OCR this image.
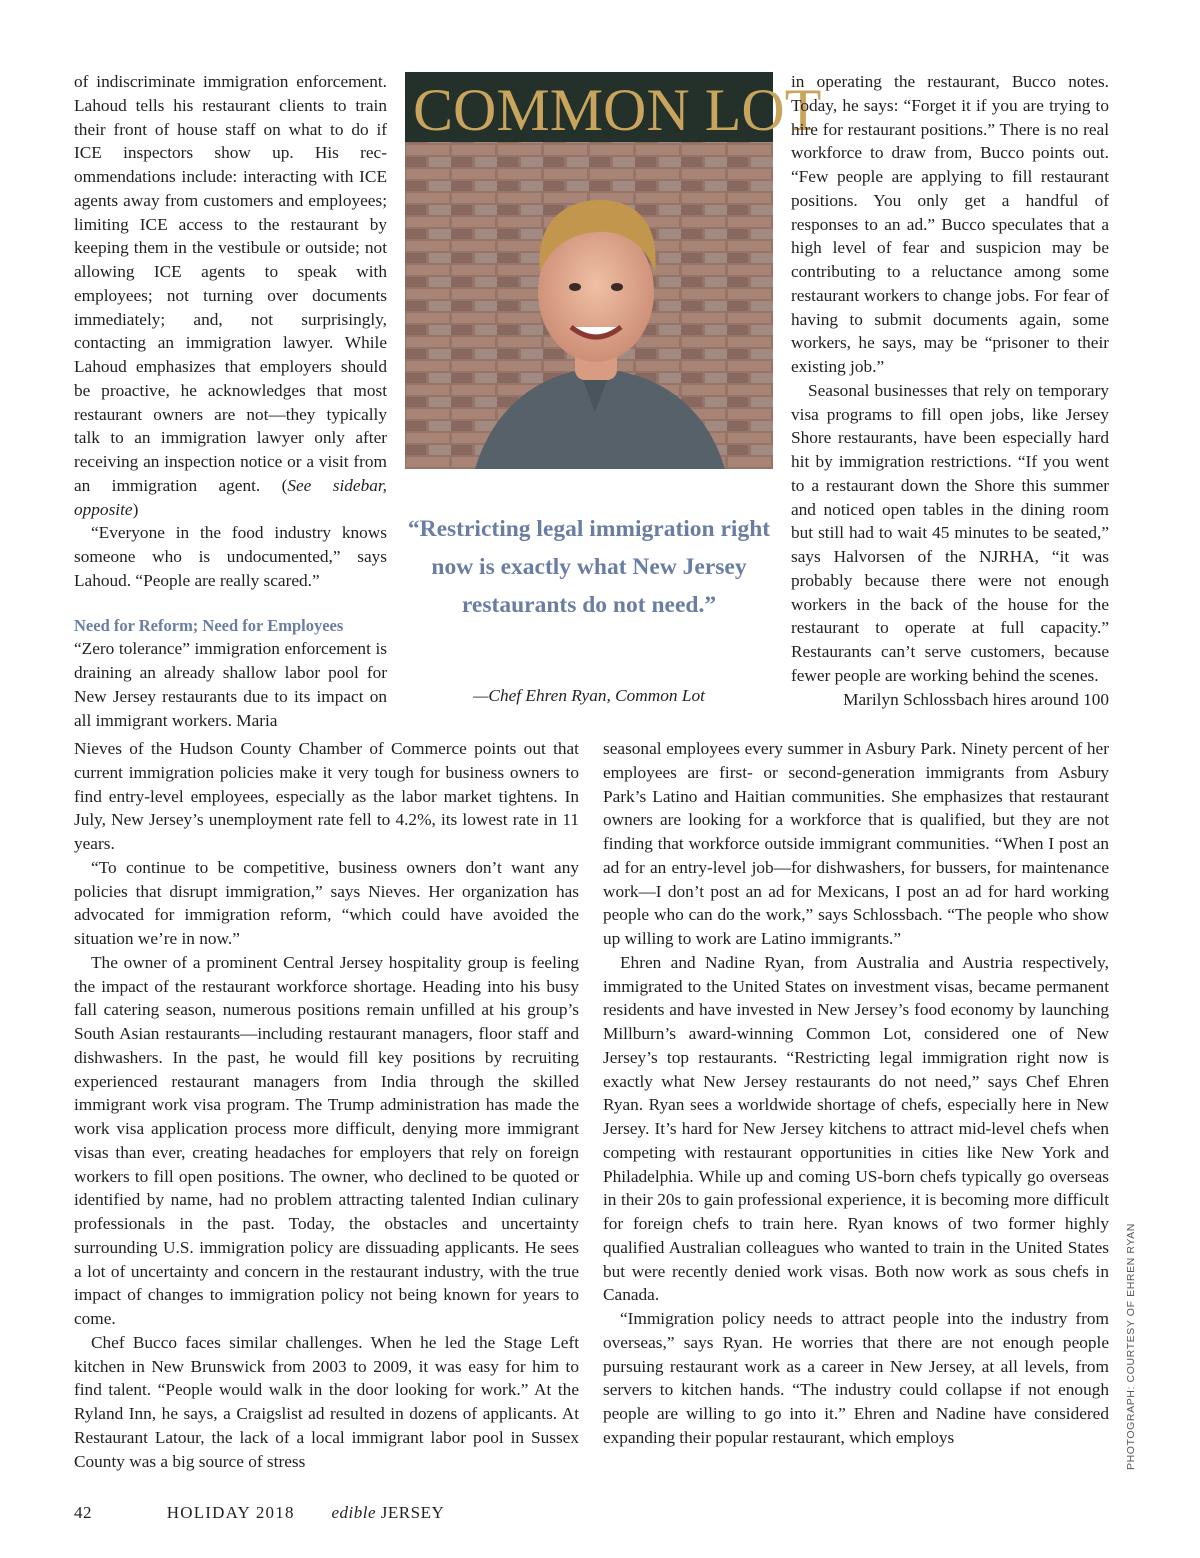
of indiscriminate immigration enforcement. Lahoud tells his restaurant clients to train their front of house staff on what to do if ICE inspectors show up. His recommendations include: interacting with ICE agents away from customers and employees; limiting ICE access to the restaurant by keeping them in the vestibule or outside; not allowing ICE agents to speak with employees; not turning over documents immediately; and, not surprisingly, contacting an immigration lawyer. While Lahoud emphasizes that employers should be proactive, he acknowledges that most restaurant owners are not—they typically talk to an immigration lawyer only after receiving an inspection notice or a visit from an immigration agent. (See sidebar, opposite)

“Everyone in the food industry knows someone who is undocumented,” says Lahoud. “People are really scared.”

Need for Reform; Need for Employees

“Zero tolerance” immigration enforcement is draining an already shallow labor pool for New Jersey restaurants due to its impact on all immigrant workers. Maria

COMMON LOT
“Restricting legal immigration right now is exactly what New Jersey restaurants do not need.”
—Chef Ehren Ryan, Common Lot

in operating the restaurant, Bucco notes. Today, he says: “Forget it if you are trying to hire for restaurant positions.” There is no real workforce to draw from, Bucco points out. “Few people are applying to fill restaurant positions. You only get a handful of responses to an ad.” Bucco speculates that a high level of fear and suspicion may be contributing to a reluctance among some restaurant workers to change jobs. For fear of having to submit documents again, some workers, he says, may be “prisoner to their existing job.”

Seasonal businesses that rely on temporary visa programs to fill open jobs, like Jersey Shore restaurants, have been especially hard hit by immigration restrictions. “If you went to a restaurant down the Shore this summer and noticed open tables in the dining room but still had to wait 45 minutes to be seated,” says Halvorsen of the NJRHA, “it was probably because there were not enough workers in the back of the house for the restaurant to operate at full capacity.” Restaurants can’t serve customers, because fewer people are working behind the scenes.

Marilyn Schlossbach hires around 100

Nieves of the Hudson County Chamber of Commerce points out that current immigration policies make it very tough for business owners to find entry-level employees, especially as the labor market tightens. In July, New Jersey’s unemployment rate fell to 4.2%, its lowest rate in 11 years.

“To continue to be competitive, business owners don’t want any policies that disrupt immigration,” says Nieves. Her organization has advocated for immigration reform, “which could have avoided the situation we’re in now.”

The owner of a prominent Central Jersey hospitality group is feeling the impact of the restaurant workforce shortage. Heading into his busy fall catering season, numerous positions remain unfilled at his group’s South Asian restaurants—including restaurant managers, floor staff and dishwashers. In the past, he would fill key positions by recruiting experienced restaurant managers from India through the skilled immigrant work visa program. The Trump administration has made the work visa application process more difficult, denying more immigrant visas than ever, creating headaches for employers that rely on foreign workers to fill open positions. The owner, who declined to be quoted or identified by name, had no problem attracting talented Indian culinary professionals in the past. Today, the obstacles and uncertainty surrounding U.S. immigration policy are dissuading applicants. He sees a lot of uncertainty and concern in the restaurant industry, with the true impact of changes to immigration policy not being known for years to come.

Chef Bucco faces similar challenges. When he led the Stage Left kitchen in New Brunswick from 2003 to 2009, it was easy for him to find talent. “People would walk in the door looking for work.” At the Ryland Inn, he says, a Craigslist ad resulted in dozens of applicants. At Restaurant Latour, the lack of a local immigrant labor pool in Sussex County was a big source of stress

seasonal employees every summer in Asbury Park. Ninety percent of her employees are first- or second-generation immigrants from Asbury Park’s Latino and Haitian communities. She emphasizes that restaurant owners are looking for a workforce that is qualified, but they are not finding that workforce outside immigrant communities. “When I post an ad for an entry-level job—for dishwashers, for bussers, for maintenance work—I don’t post an ad for Mexicans, I post an ad for hard working people who can do the work,” says Schlossbach. “The people who show up willing to work are Latino immigrants.”

Ehren and Nadine Ryan, from Australia and Austria respectively, immigrated to the United States on investment visas, became permanent residents and have invested in New Jersey’s food economy by launching Millburn’s award-winning Common Lot, considered one of New Jersey’s top restaurants. “Restricting legal immigration right now is exactly what New Jersey restaurants do not need,” says Chef Ehren Ryan. Ryan sees a worldwide shortage of chefs, especially here in New Jersey. It’s hard for New Jersey kitchens to attract mid-level chefs when competing with restaurant opportunities in cities like New York and Philadelphia. While up and coming US-born chefs typically go overseas in their 20s to gain professional experience, it is becoming more difficult for foreign chefs to train here. Ryan knows of two former highly qualified Australian colleagues who wanted to train in the United States but were recently denied work visas. Both now work as sous chefs in Canada.

“Immigration policy needs to attract people into the industry from overseas,” says Ryan. He worries that there are not enough people pursuing restaurant work as a career in New Jersey, at all levels, from servers to kitchen hands. “The industry could collapse if not enough people are willing to go into it.” Ehren and Nadine have considered expanding their popular restaurant, which employs

42	HOLIDAY 2018 edible JERSEY
PHOTOGRAPH: COURTESY OF EHREN RYAN
